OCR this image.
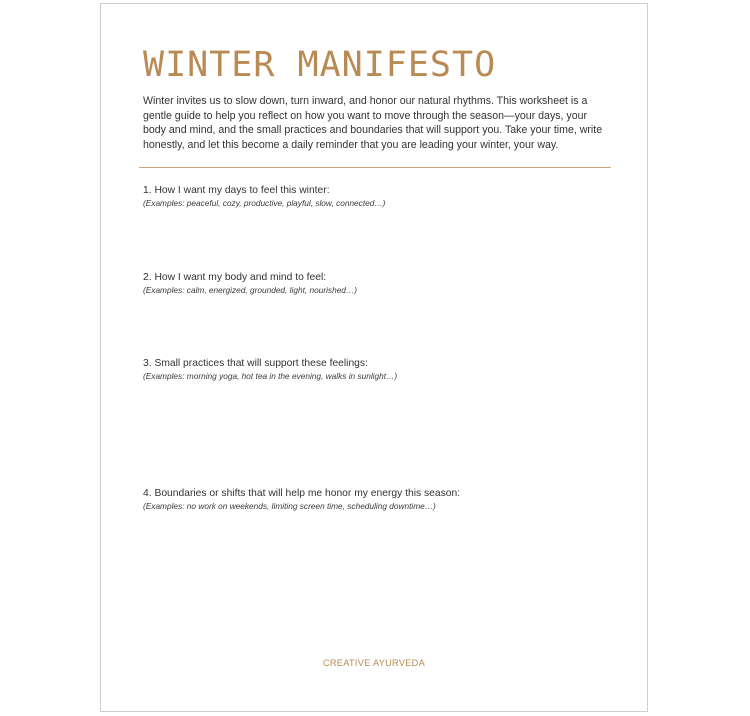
WINTER MANIFESTO

Winter invites us to slow down, turn inward, and honor our natural rhythms. This worksheet is a gentle guide to help you reflect on how you want to move through the season—your days, your body and mind, and the small practices and boundaries that will support you. Take your time, write honestly, and let this become a daily reminder that you are leading your winter, your way.

1. How I want my days to feel this winter:
(Examples: peaceful, cozy, productive, playful, slow, connected…)
2. How I want my body and mind to feel:
(Examples: calm, energized, grounded, light, nourished…)
3. Small practices that will support these feelings:
(Examples: morning yoga, hot tea in the evening, walks in sunlight…)
4. Boundaries or shifts that will help me honor my energy this season:
(Examples: no work on weekends, limiting screen time, scheduling downtime…)
CREATIVE AYURVEDA
